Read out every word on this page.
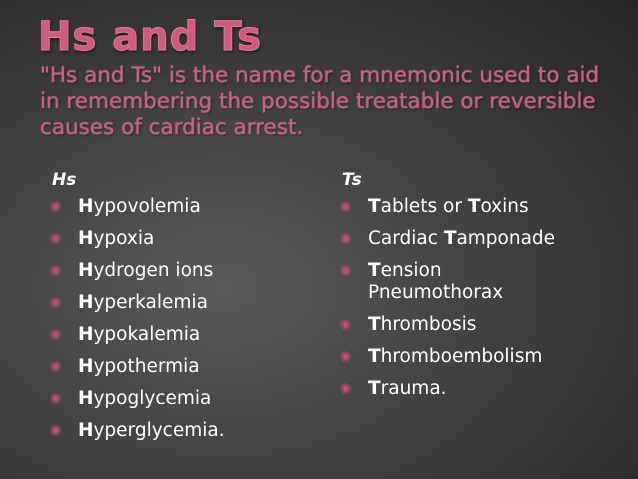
Hs and Ts
"Hs and Ts" is the name for a mnemonic used to aid in remembering the possible treatable or reversible causes of cardiac arrest.
Hs
◉ Hypovolemia
◉ Hypoxia
◉ Hydrogen ions
◉ Hyperkalemia
◉ Hypokalemia
◉ Hypothermia
◉ Hypoglycemia
◉ Hyperglycemia.
Ts
◉ Tablets or Toxins
◉ Cardiac Tamponade
◉ Tension Pneumothorax
◉ Thrombosis
◉ Thromboembolism
◉ Trauma.
